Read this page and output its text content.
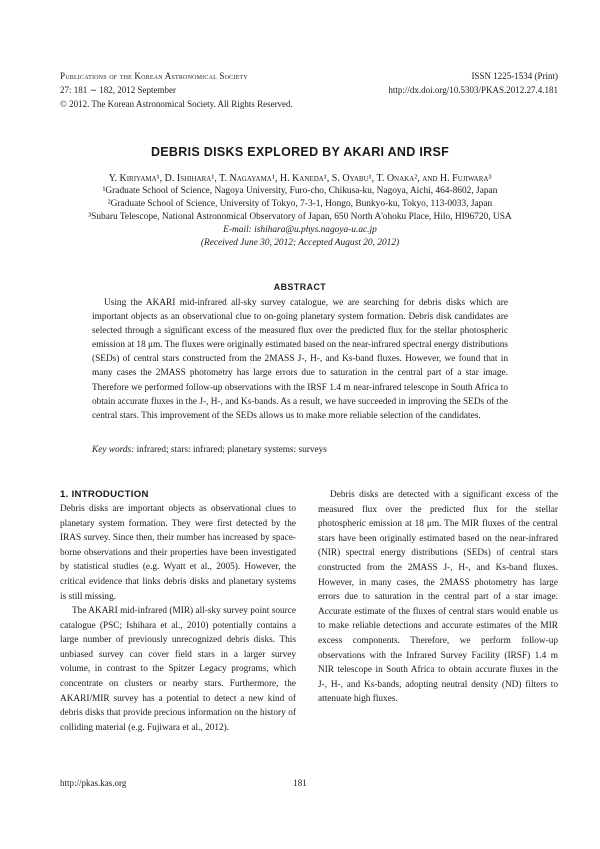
Publications of the Korean Astronomical Society
27: 181 ∼ 182, 2012 September
© 2012. The Korean Astronomical Society. All Rights Reserved.
ISSN 1225-1534 (Print)
http://dx.doi.org/10.5303/PKAS.2012.27.4.181
DEBRIS DISKS EXPLORED BY AKARI AND IRSF
Y. Kiriyama¹, D. Ishihara¹, T. Nagayama¹, H. Kaneda¹, S. Oyabu¹, T. Onaka², and H. Fujiwara³
¹Graduate School of Science, Nagoya University, Furo-cho, Chikusa-ku, Nagoya, Aichi, 464-8602, Japan
²Graduate School of Science, University of Tokyo, 7-3-1, Hongo, Bunkyo-ku, Tokyo, 113-0033, Japan
³Subaru Telescope, National Astronomical Observatory of Japan, 650 North A'ohoku Place, Hilo, HI96720, USA
E-mail: ishihara@u.phys.nagoya-u.ac.jp
(Received June 30, 2012; Accepted August 20, 2012)
ABSTRACT

Using the AKARI mid-infrared all-sky survey catalogue, we are searching for debris disks which are important objects as an observational clue to on-going planetary system formation. Debris disk candidates are selected through a significant excess of the measured flux over the predicted flux for the stellar photospheric emission at 18 μm. The fluxes were originally estimated based on the near-infrared spectral energy distributions (SEDs) of central stars constructed from the 2MASS J-, H-, and Ks-band fluxes. However, we found that in many cases the 2MASS photometry has large errors due to saturation in the central part of a star image. Therefore we performed follow-up observations with the IRSF 1.4 m near-infrared telescope in South Africa to obtain accurate fluxes in the J-, H-, and Ks-bands. As a result, we have succeeded in improving the SEDs of the central stars. This improvement of the SEDs allows us to make more reliable selection of the candidates.

Key words: infrared; stars: infrared; planetary systems: surveys
1. INTRODUCTION

Debris disks are important objects as observational clues to planetary system formation. They were first detected by the IRAS survey. Since then, their number has increased by space-borne observations and their properties have been investigated by statistical studies (e.g. Wyatt et al., 2005). However, the critical evidence that links debris disks and planetary systems is still missing.

The AKARI mid-infrared (MIR) all-sky survey point source catalogue (PSC; Ishihara et al., 2010) potentially contains a large number of previously unrecognized debris disks. This unbiased survey can cover field stars in a larger survey volume, in contrast to the Spitzer Legacy programs, which concentrate on clusters or nearby stars. Furthermore, the AKARI/MIR survey has a potential to detect a new kind of debris disks that provide precious information on the history of colliding material (e.g. Fujiwara et al., 2012).

Debris disks are detected with a significant excess of the measured flux over the predicted flux for the stellar photospheric emission at 18 μm. The MIR fluxes of the central stars have been originally estimated based on the near-infrared (NIR) spectral energy distributions (SEDs) of central stars constructed from the 2MASS J-, H-, and Ks-band fluxes. However, in many cases, the 2MASS photometry has large errors due to saturation in the central part of a star image. Accurate estimate of the fluxes of central stars would enable us to make reliable detections and accurate estimates of the MIR excess components. Therefore, we perform follow-up observations with the Infrared Survey Facility (IRSF) 1.4 m NIR telescope in South Africa to obtain accurate fluxes in the J-, H-, and Ks-bands, adopting neutral density (ND) filters to attenuate high fluxes.

http://pkas.kas.org	181
